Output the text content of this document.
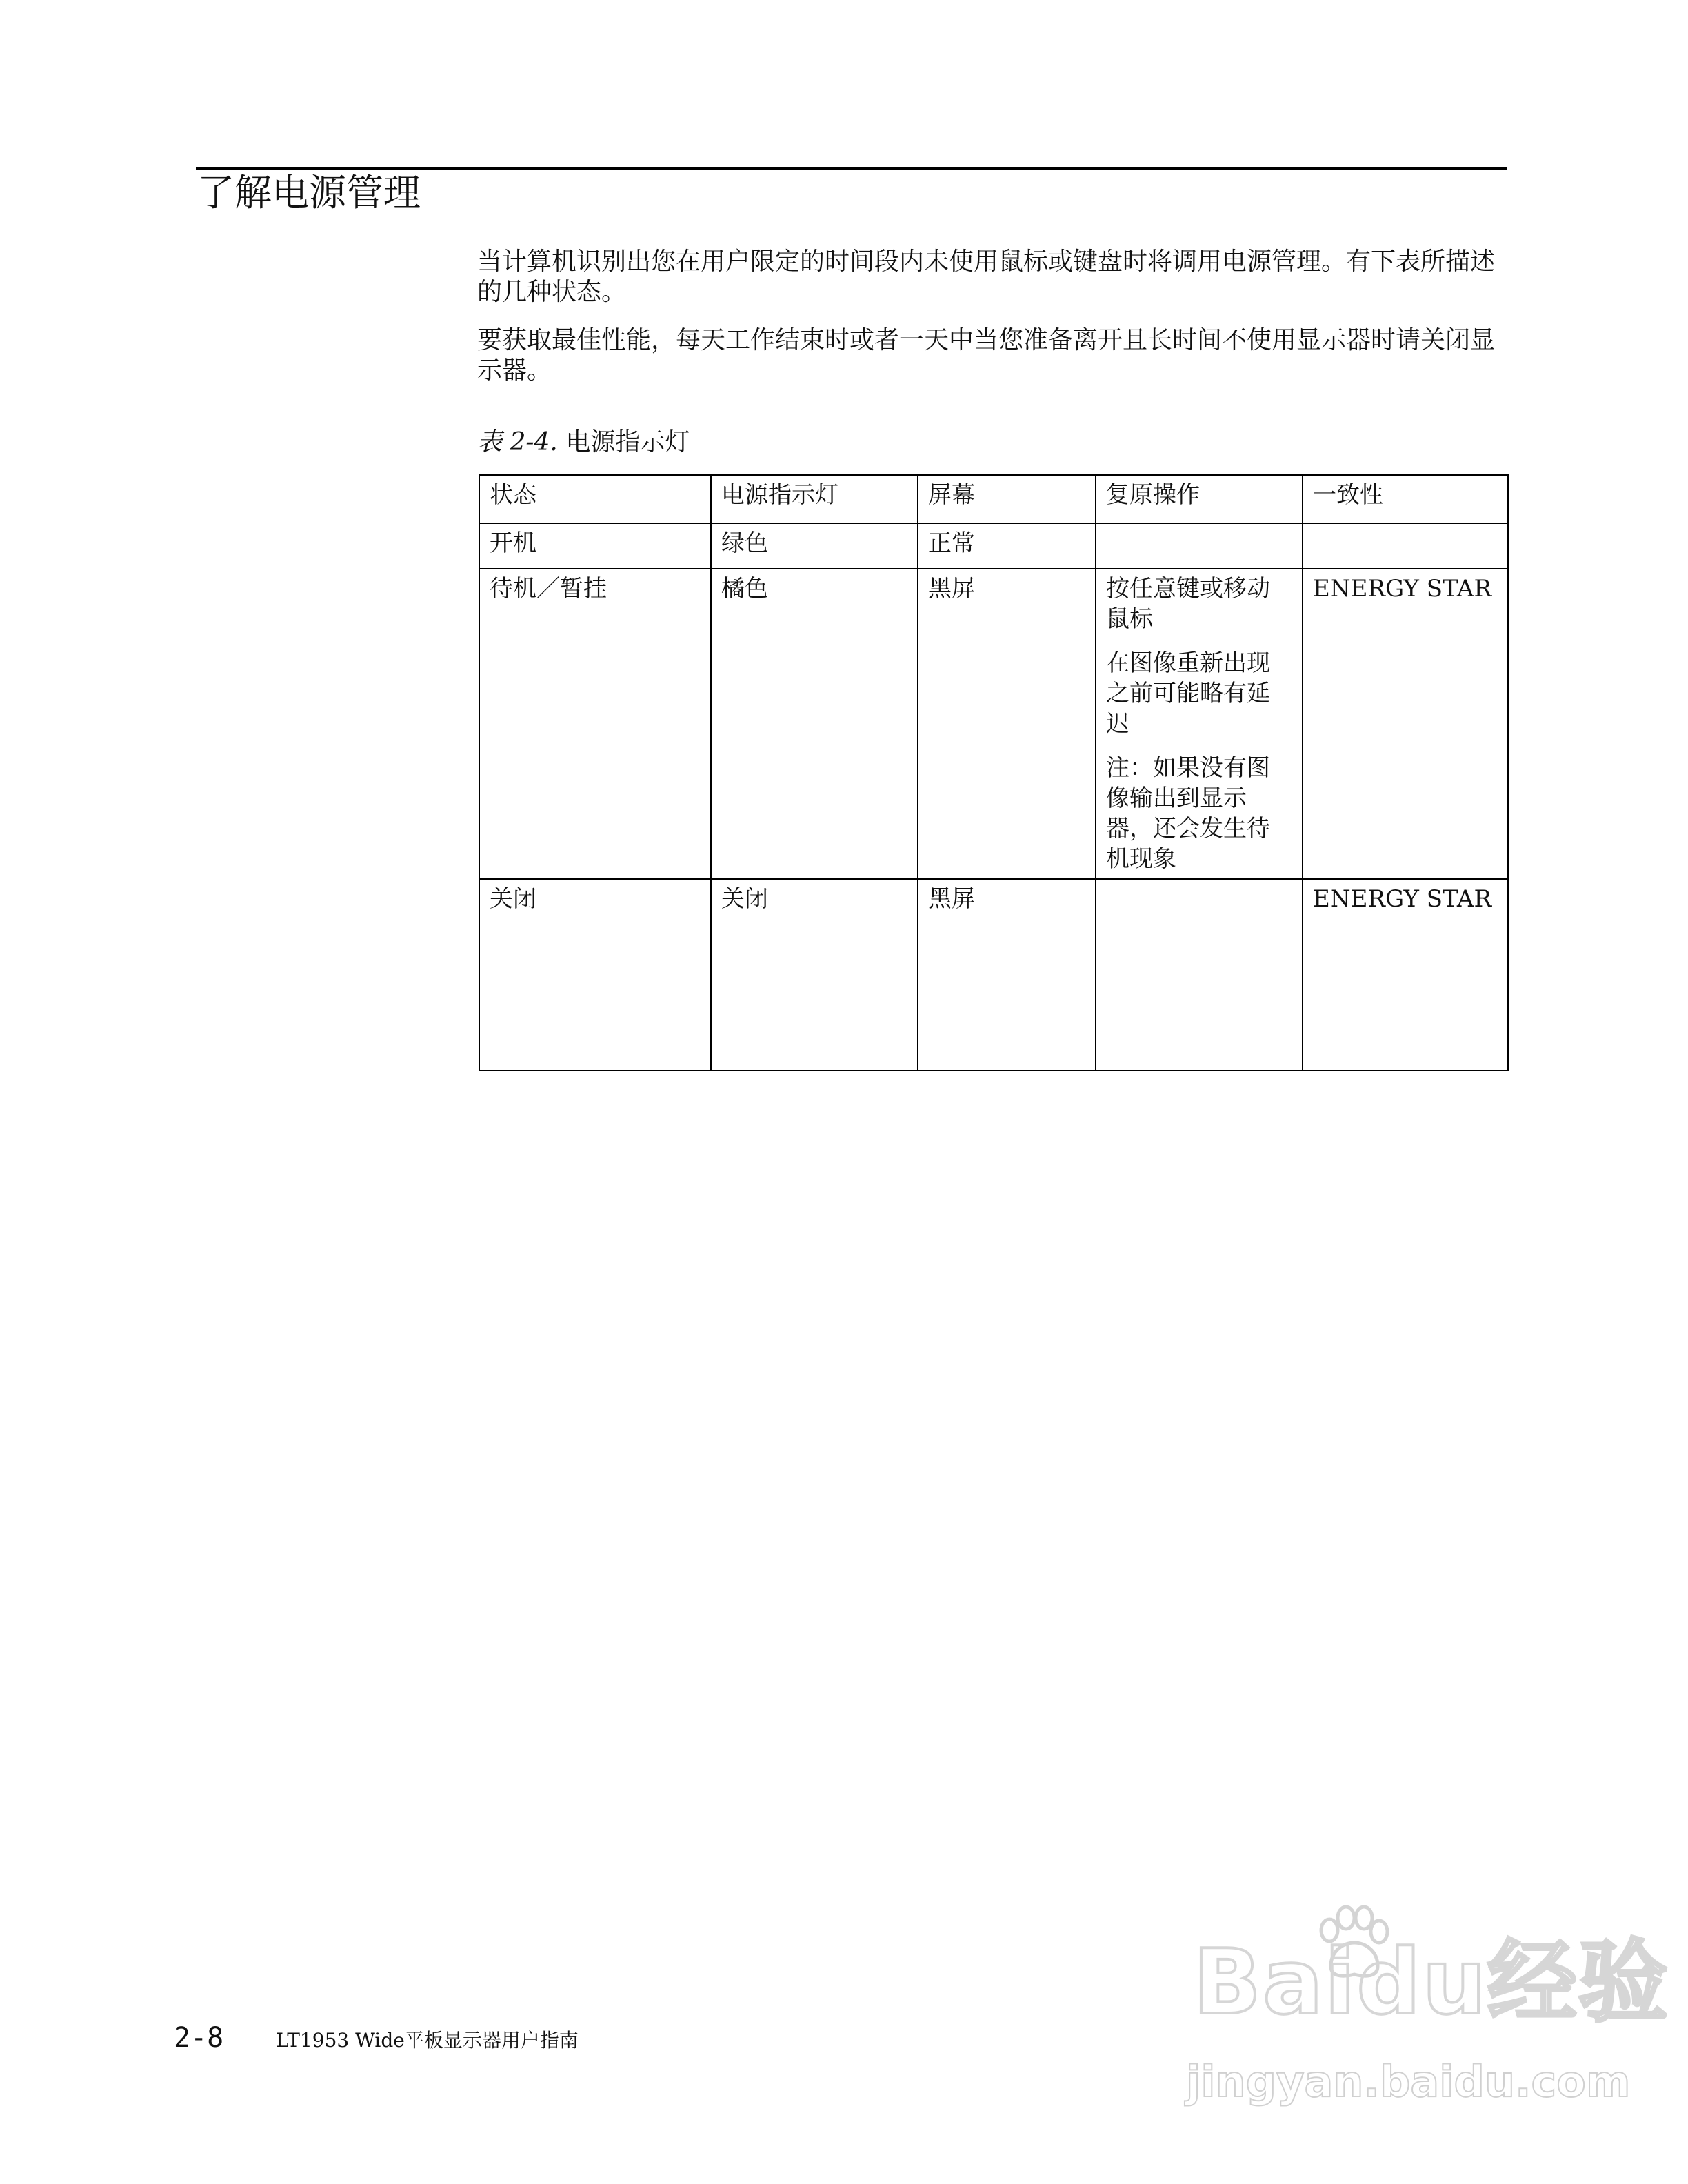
了解电源管理

当计算机识别出您在用户限定的时间段内未使用鼠标或键盘时将调用电源管理。有下表所描述的几种状态。

要获取最佳性能，每天工作结束时或者一天中当您准备离开且长时间不使用显示器时请关闭显示器。

表 2-4. 电源指示灯
状态	电源指示灯	屏幕	复原操作	一致性
开机	绿色	正常		
待机／暂挂	橘色	黑屏	按任意键或移动鼠标

在图像重新出现之前可能略有延迟

注：如果没有图像输出到显示器，还会发生待机现象	ENERGY STAR
关闭	关闭	黑屏		ENERGY STAR
2-8	LT1953 Wide平板显示器用户指南
Baidu经验
jingyan.baidu.com
